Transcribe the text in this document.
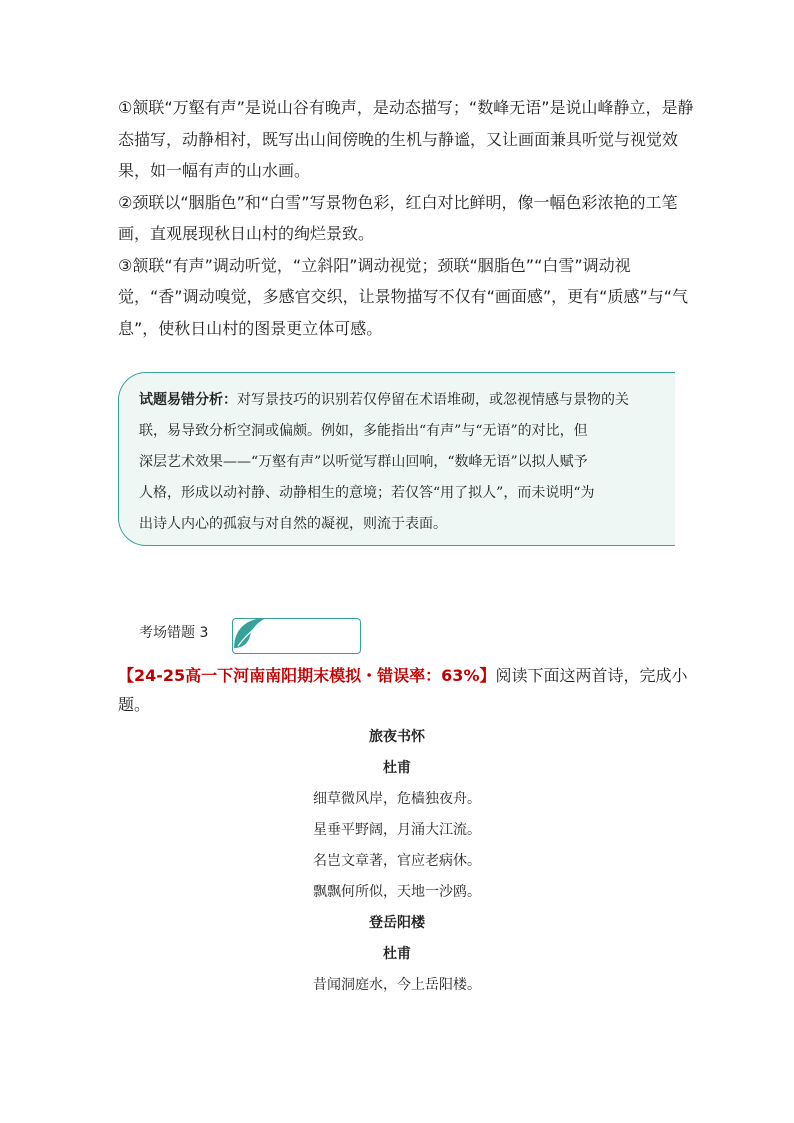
①颔联“万壑有声”是说山谷有晚声，是动态描写；“数峰无语”是说山峰静立，是静态描写，动静相衬，既写出山间傍晚的生机与静谧，又让画面兼具听觉与视觉效果，如一幅有声的山水画。

②颈联以“胭脂色”和“白雪”写景物色彩，红白对比鲜明，像一幅色彩浓艳的工笔画，直观展现秋日山村的绚烂景致。

③颔联“有声”调动听觉，“立斜阳”调动视觉；颈联“胭脂色”“白雪”调动视觉，“香”调动嗅觉，多感官交织，让景物描写不仅有“画面感”，更有“质感”与“气息”，使秋日山村的图景更立体可感。

试题易错分析：对写景技巧的识别若仅停留在术语堆砌，或忽视情感与景物的关
联，易导致分析空洞或偏颇。例如，多能指出“有声”与“无语”的对比，但
深层艺术效果——“万壑有声”以听觉写群山回响，“数峰无语”以拟人赋予
人格，形成以动衬静、动静相生的意境；若仅答“用了拟人”，而未说明“为
出诗人内心的孤寂与对自然的凝视，则流于表面。
考场错题 3

【24-25高一下河南南阳期末模拟・错误率：63%】阅读下面这两首诗，完成小题。

旅夜书怀
杜甫
细草微风岸，危樯独夜舟。
星垂平野阔，月涌大江流。
名岂文章著，官应老病休。
飘飘何所似，天地一沙鸥。
登岳阳楼
杜甫
昔闻洞庭水，今上岳阳楼。
